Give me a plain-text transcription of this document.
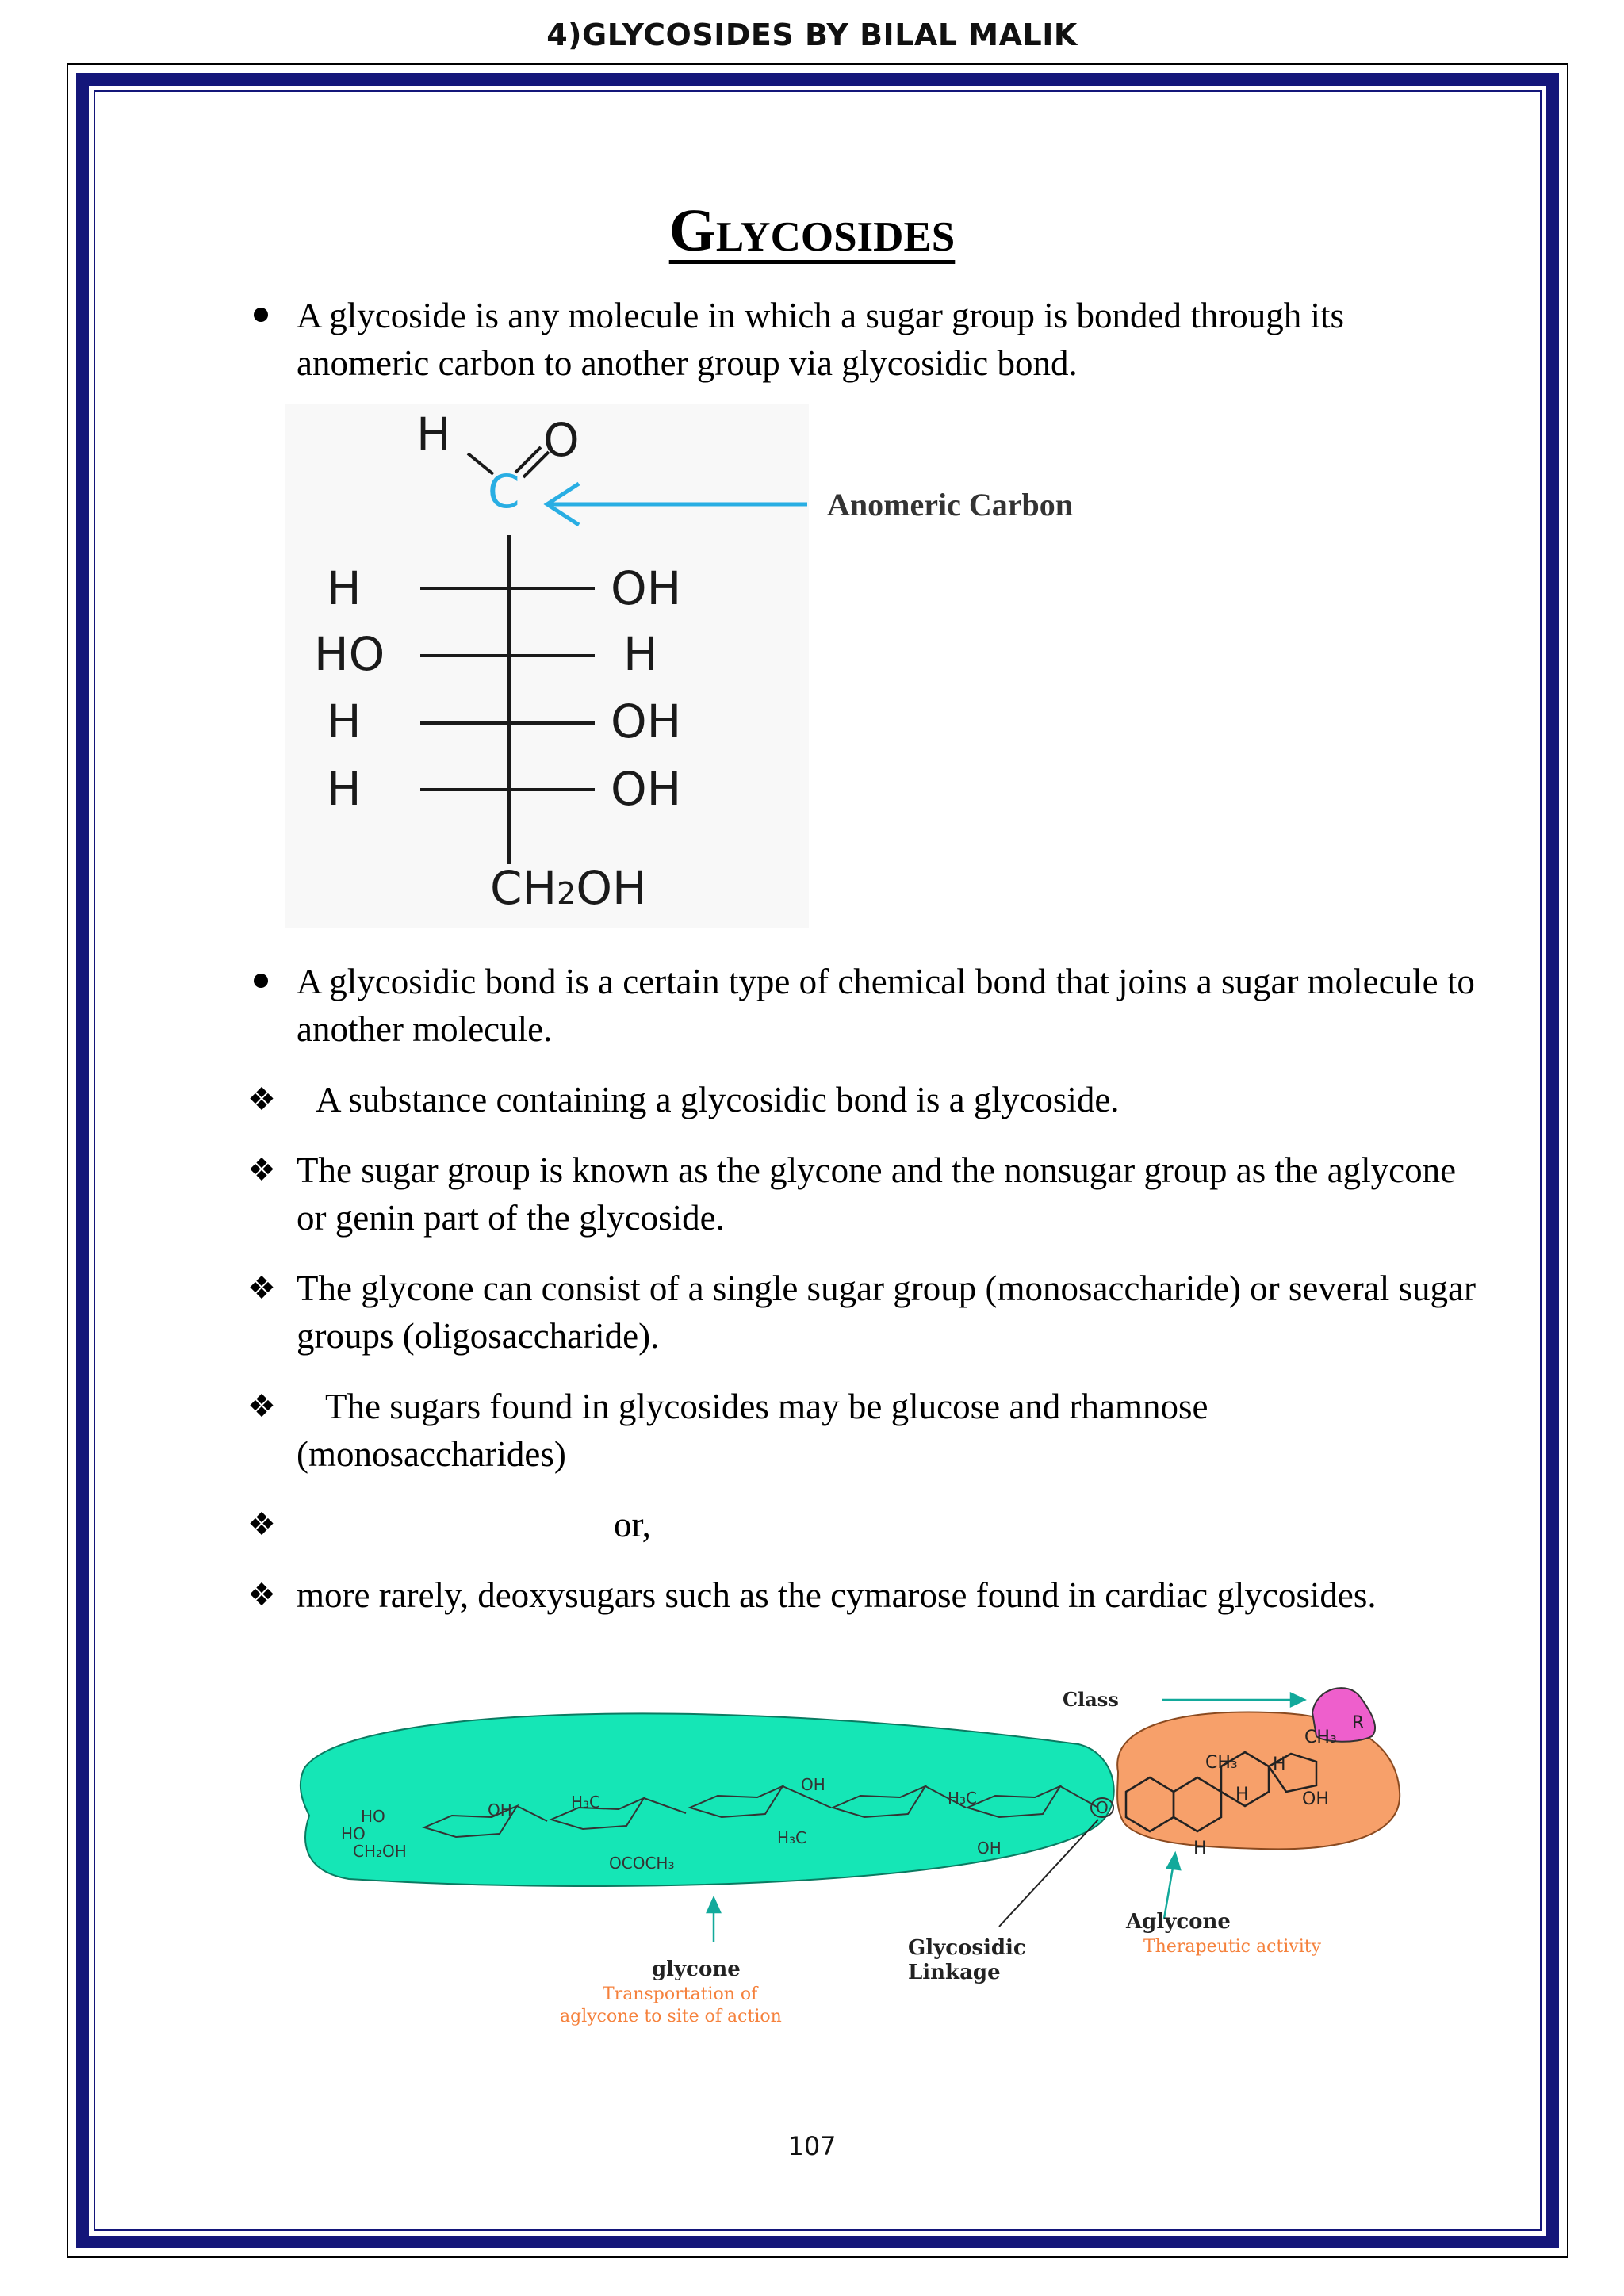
4)GLYCOSIDES BY BILAL MALIK
Glycosides
A glycoside is any molecule in which a sugar group is bonded through its anomeric carbon to another group via glycosidic bond.
H O
C
H	OH
HO	H
H	OH
H	OH
CH2OH
Anomeric Carbon
A glycosidic bond is a certain type of chemical bond that joins a sugar molecule to another molecule.
❖	A substance containing a glycosidic bond is a glycoside.
❖ The sugar group is known as the glycone and the nonsugar group as the aglycone or genin part of the glycoside.
❖ The glycone can consist of a single sugar group (monosaccharide) or several sugar groups (oligosaccharide).
❖	The sugars found in glycosides may be glucose and rhamnose (monosaccharides)
❖	or,
❖ more rarely, deoxysugars such as the cymarose found in cardiac glycosides.
HO
HO
CH₂OH
OH	H₃C
OCOCH₃
OH
H₃C
H₃C
OH
O
CH₃
CH₃
H
H
H
OH
R
Class
glycone
Glycosidic
Linkage
Aglycone
Transportation of
aglycone to site of action
Therapeutic activity
107
